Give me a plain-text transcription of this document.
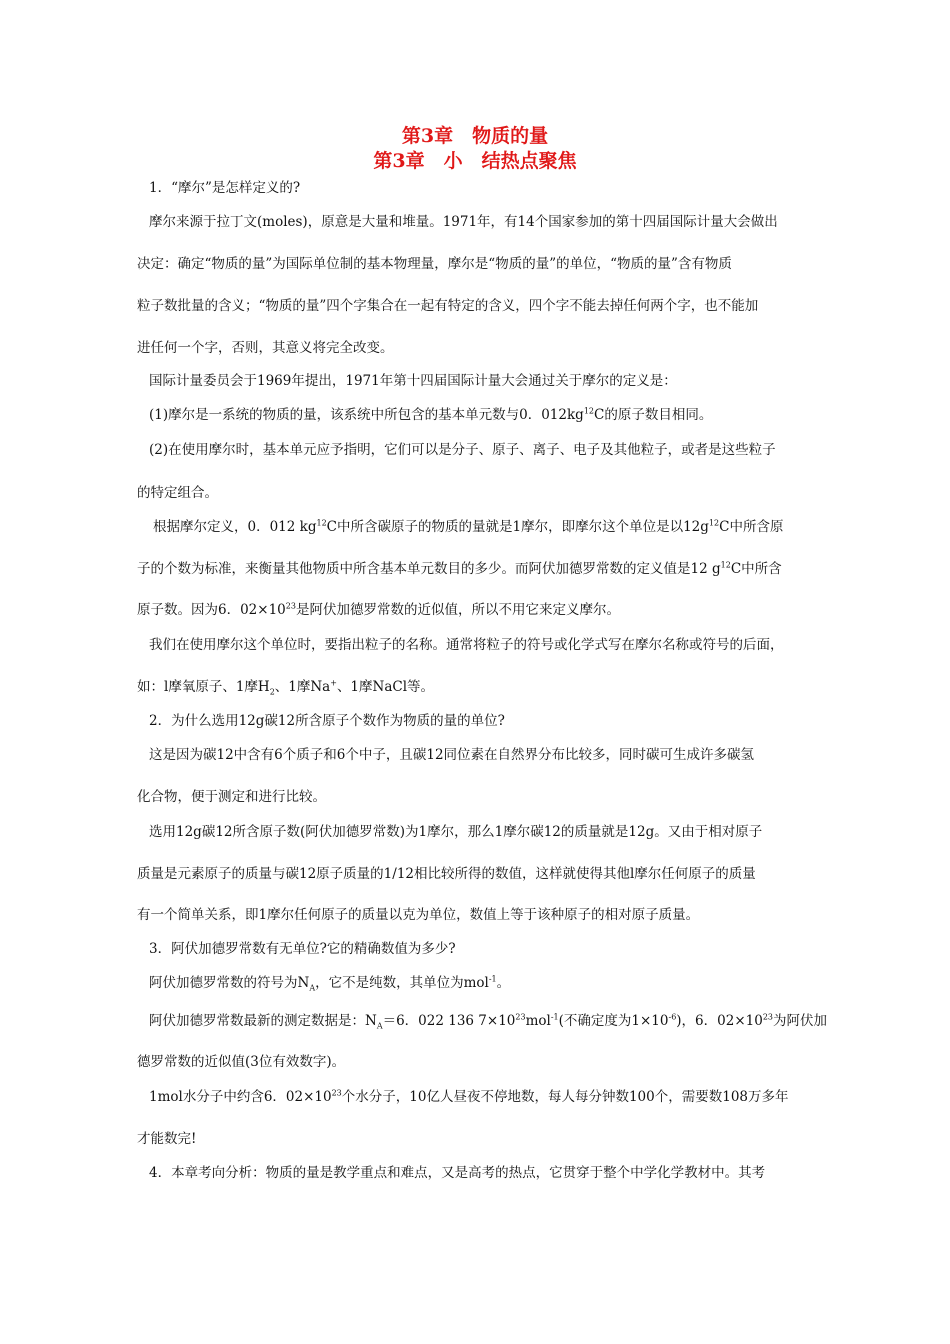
第3章　物质的量
第3章　小　结热点聚焦
1．“摩尔”是怎样定义的?
摩尔来源于拉丁文(moles)，原意是大量和堆量。1971年，有14个国家参加的第十四届国际计量大会做出
决定：确定“物质的量”为国际单位制的基本物理量，摩尔是“物质的量”的单位，“物质的量”含有物质
粒子数批量的含义；“物质的量”四个字集合在一起有特定的含义，四个字不能去掉任何两个字，也不能加
进任何一个字，否则，其意义将完全改变。
国际计量委员会于1969年提出，1971年第十四届国际计量大会通过关于摩尔的定义是：
(1)摩尔是一系统的物质的量，该系统中所包含的基本单元数与0．$012kg^{12}C$的原子数目相同。
(2)在使用摩尔时，基本单元应予指明，它们可以是分子、原子、离子、电子及其他粒子，或者是这些粒子
的特定组合。
根据摩尔定义，0．012 $kg^{12}C$中所含碳原子的物质的量就是1摩尔，即摩尔这个单位是以$12g^{12}C$中所含原
子的个数为标准，来衡量其他物质中所含基本单元数目的多少。而阿伏加德罗常数的定义值是12 $g^{12}C$中所含
原子数。因为6．$02\times 10^{23}$是阿伏加德罗常数的近似值，所以不用它来定义摩尔。
我们在使用摩尔这个单位时，要指出粒子的名称。通常将粒子的符号或化学式写在摩尔名称或符号的后面，
如：l摩氧原子、1摩$H_2$、1摩Na+、1摩NaCl等。
2．为什么选用12g碳12所含原子个数作为物质的量的单位?
这是因为碳12中含有6个质子和6个中子，且碳12同位素在自然界分布比较多，同时碳可生成许多碳氢
化合物，便于测定和进行比较。
选用12g碳12所含原子数(阿伏加德罗常数)为1摩尔，那么1摩尔碳12的质量就是12g。又由于相对原子
质量是元素原子的质量与碳12原子质量的1/12相比较所得的数值，这样就使得其他l摩尔任何原子的质量
有一个简单关系，即1摩尔任何原子的质量以克为单位，数值上等于该种原子的相对原子质量。
3．阿伏加德罗常数有无单位?它的精确数值为多少?
阿伏加德罗常数的符号为$N_A$，它不是纯数，其单位为mol$^{-1}$。
阿伏加德罗常数最新的测定数据是：$N_A=6$．022 136 $7\times 10^{23}mol^{-1}$(不确定度为$1\times 10^{-6}$)，6．$02\times 10^{23}$为阿伏加
德罗常数的近似值(3位有效数字)。
1mol水分子中约含6．$02\times 10^{23}$个水分子，10亿人昼夜不停地数，每人每分钟数100个，需要数108万多年
才能数完!
4．本章考向分析：物质的量是教学重点和难点，又是高考的热点，它贯穿于整个中学化学教材中。其考
